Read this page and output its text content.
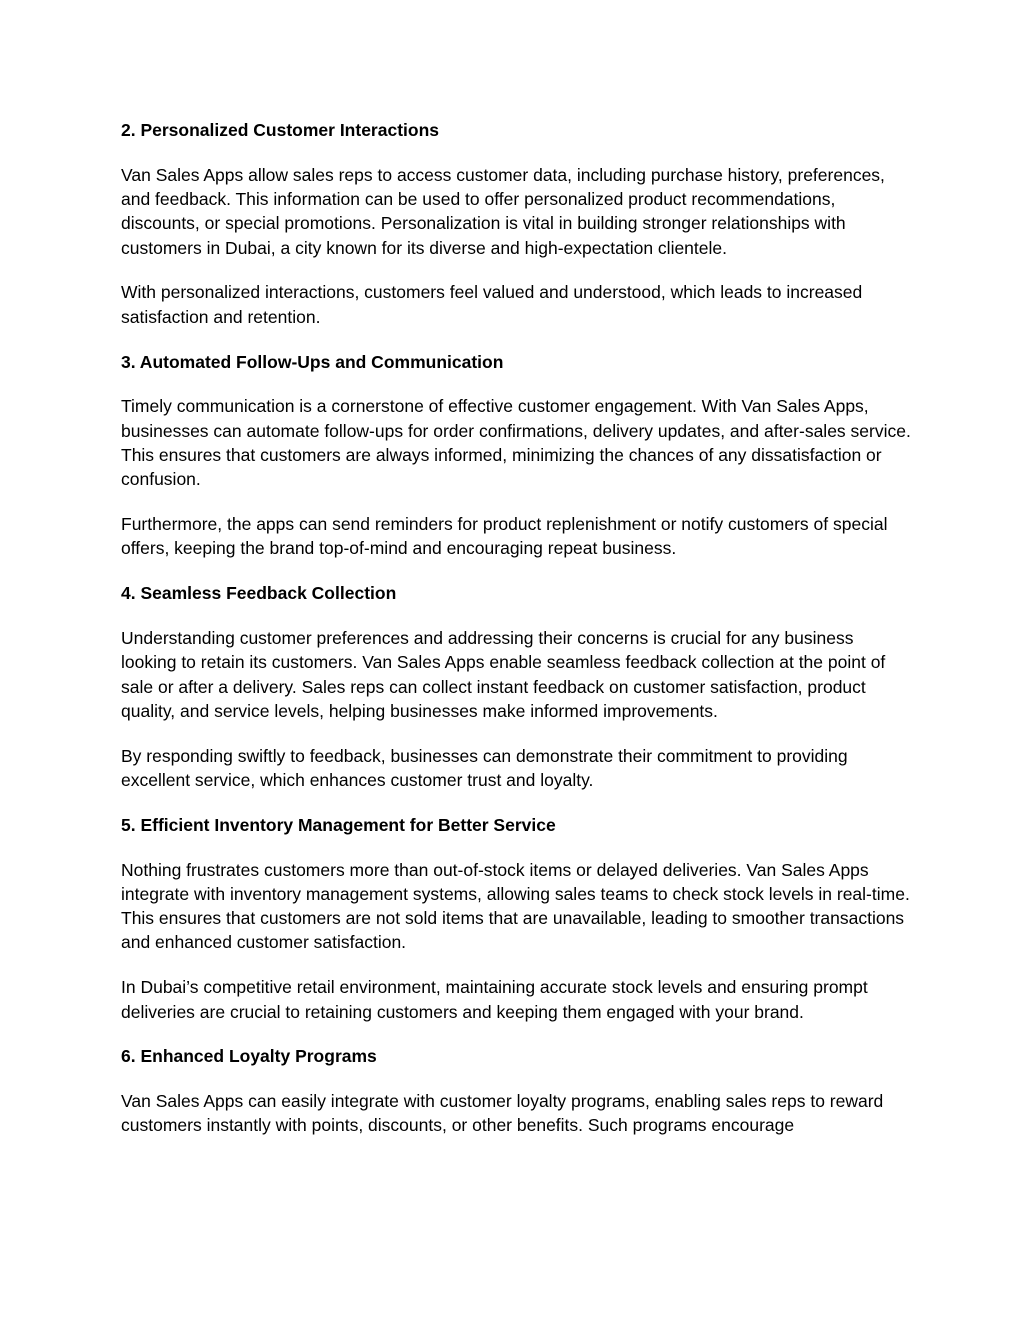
2. Personalized Customer Interactions
Van Sales Apps allow sales reps to access customer data, including purchase history, preferences, and feedback. This information can be used to offer personalized product recommendations, discounts, or special promotions. Personalization is vital in building stronger relationships with customers in Dubai, a city known for its diverse and high-expectation clientele.
With personalized interactions, customers feel valued and understood, which leads to increased satisfaction and retention.
3. Automated Follow-Ups and Communication
Timely communication is a cornerstone of effective customer engagement. With Van Sales Apps, businesses can automate follow-ups for order confirmations, delivery updates, and after-sales service. This ensures that customers are always informed, minimizing the chances of any dissatisfaction or confusion.
Furthermore, the apps can send reminders for product replenishment or notify customers of special offers, keeping the brand top-of-mind and encouraging repeat business.
4. Seamless Feedback Collection
Understanding customer preferences and addressing their concerns is crucial for any business looking to retain its customers. Van Sales Apps enable seamless feedback collection at the point of sale or after a delivery. Sales reps can collect instant feedback on customer satisfaction, product quality, and service levels, helping businesses make informed improvements.
By responding swiftly to feedback, businesses can demonstrate their commitment to providing excellent service, which enhances customer trust and loyalty.
5. Efficient Inventory Management for Better Service
Nothing frustrates customers more than out-of-stock items or delayed deliveries. Van Sales Apps integrate with inventory management systems, allowing sales teams to check stock levels in real-time. This ensures that customers are not sold items that are unavailable, leading to smoother transactions and enhanced customer satisfaction.
In Dubai’s competitive retail environment, maintaining accurate stock levels and ensuring prompt deliveries are crucial to retaining customers and keeping them engaged with your brand.
6. Enhanced Loyalty Programs
Van Sales Apps can easily integrate with customer loyalty programs, enabling sales reps to reward customers instantly with points, discounts, or other benefits. Such programs encourage
